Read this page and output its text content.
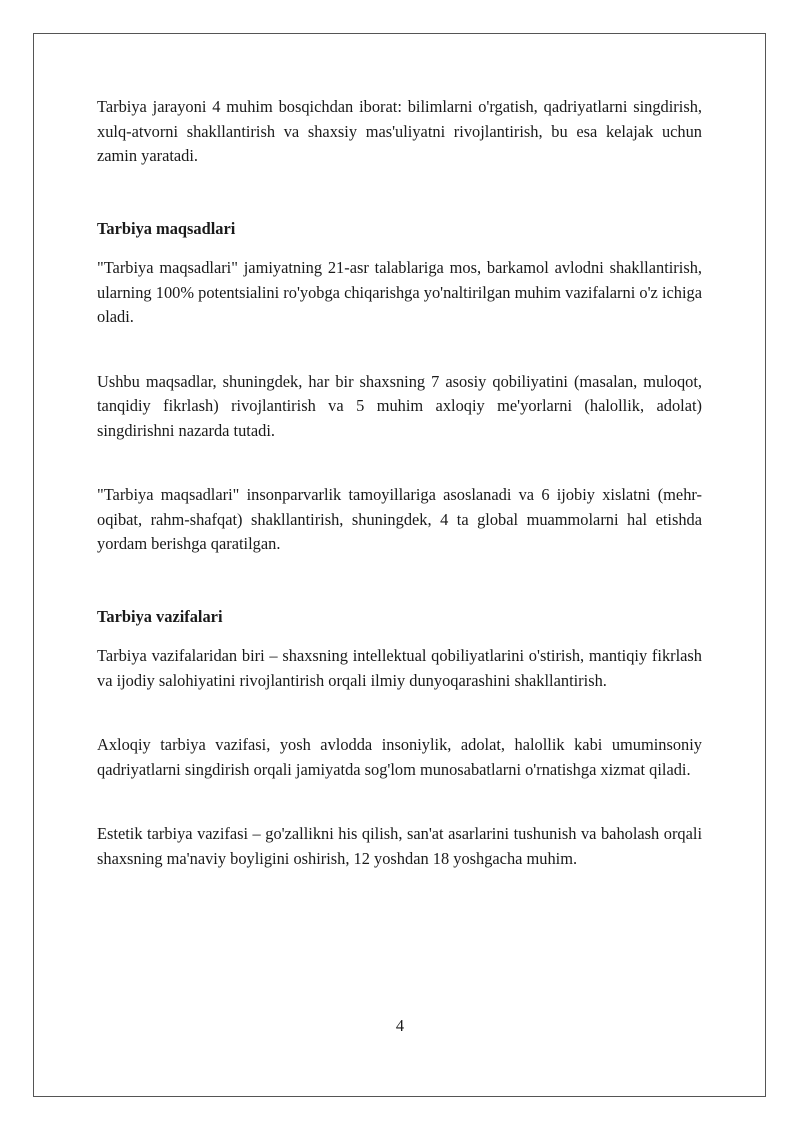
Tarbiya jarayoni 4 muhim bosqichdan iborat: bilimlarni o'rgatish, qadriyatlarni singdirish, xulq-atvorni shakllantirish va shaxsiy mas'uliyatni rivojlantirish, bu esa kelajak uchun zamin yaratadi.

Tarbiya maqsadlari

"Tarbiya maqsadlari" jamiyatning 21-asr talablariga mos, barkamol avlodni shakllantirish, ularning 100% potentsialini ro'yobga chiqarishga yo'naltirilgan muhim vazifalarni o'z ichiga oladi.

Ushbu maqsadlar, shuningdek, har bir shaxsning 7 asosiy qobiliyatini (masalan, muloqot, tanqidiy fikrlash) rivojlantirish va 5 muhim axloqiy me'yorlarni (halollik, adolat) singdirishni nazarda tutadi.

"Tarbiya maqsadlari" insonparvarlik tamoyillariga asoslanadi va 6 ijobiy xislatni (mehr-oqibat, rahm-shafqat) shakllantirish, shuningdek, 4 ta global muammolarni hal etishda yordam berishga qaratilgan.

Tarbiya vazifalari

Tarbiya vazifalaridan biri – shaxsning intellektual qobiliyatlarini o'stirish, mantiqiy fikrlash va ijodiy salohiyatini rivojlantirish orqali ilmiy dunyoqarashini shakllantirish.

Axloqiy tarbiya vazifasi, yosh avlodda insoniylik, adolat, halollik kabi umuminsoniy qadriyatlarni singdirish orqali jamiyatda sog'lom munosabatlarni o'rnatishga xizmat qiladi.

Estetik tarbiya vazifasi – go'zallikni his qilish, san'at asarlarini tushunish va baholash orqali shaxsning ma'naviy boyligini oshirish, 12 yoshdan 18 yoshgacha muhim.

4
